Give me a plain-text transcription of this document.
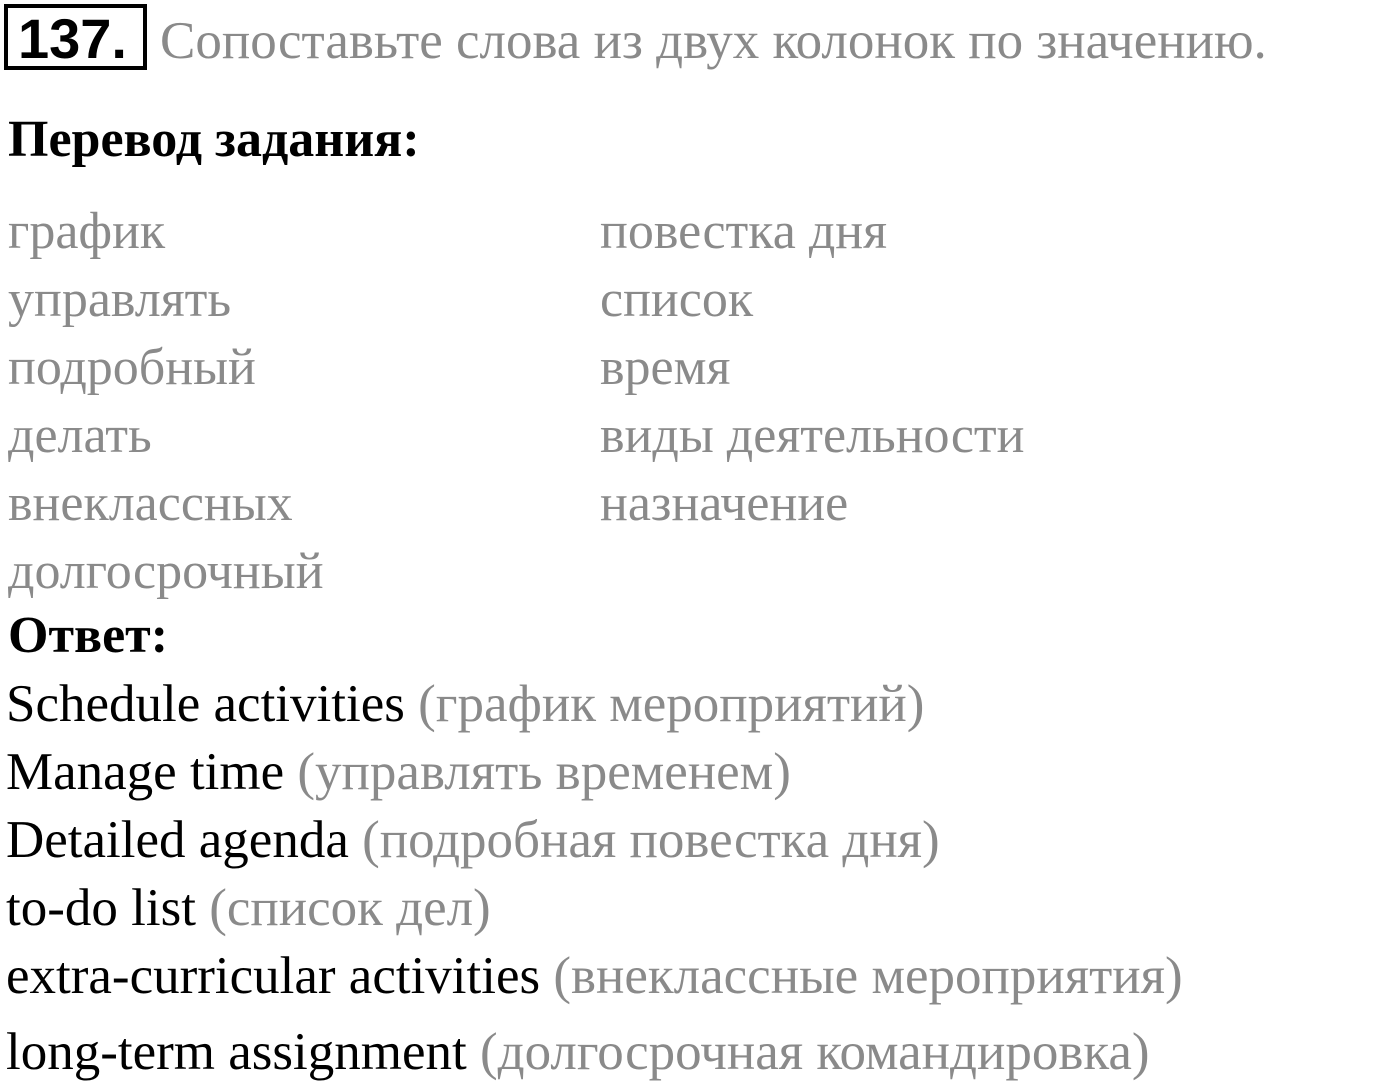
137. Сопоставьте слова из двух колонок по значению.
Перевод задания:
график
управлять
подробный
делать
внеклассных
долгосрочный
повестка дня
список
время
виды деятельности
назначение
Ответ:
Schedule activities (график мероприятий)
Manage time (управлять временем)
Detailed agenda (подробная повестка дня)
to-do list (список дел)
extra-curricular activities (внеклассные мероприятия)
long-term assignment (долгосрочная командировка)
